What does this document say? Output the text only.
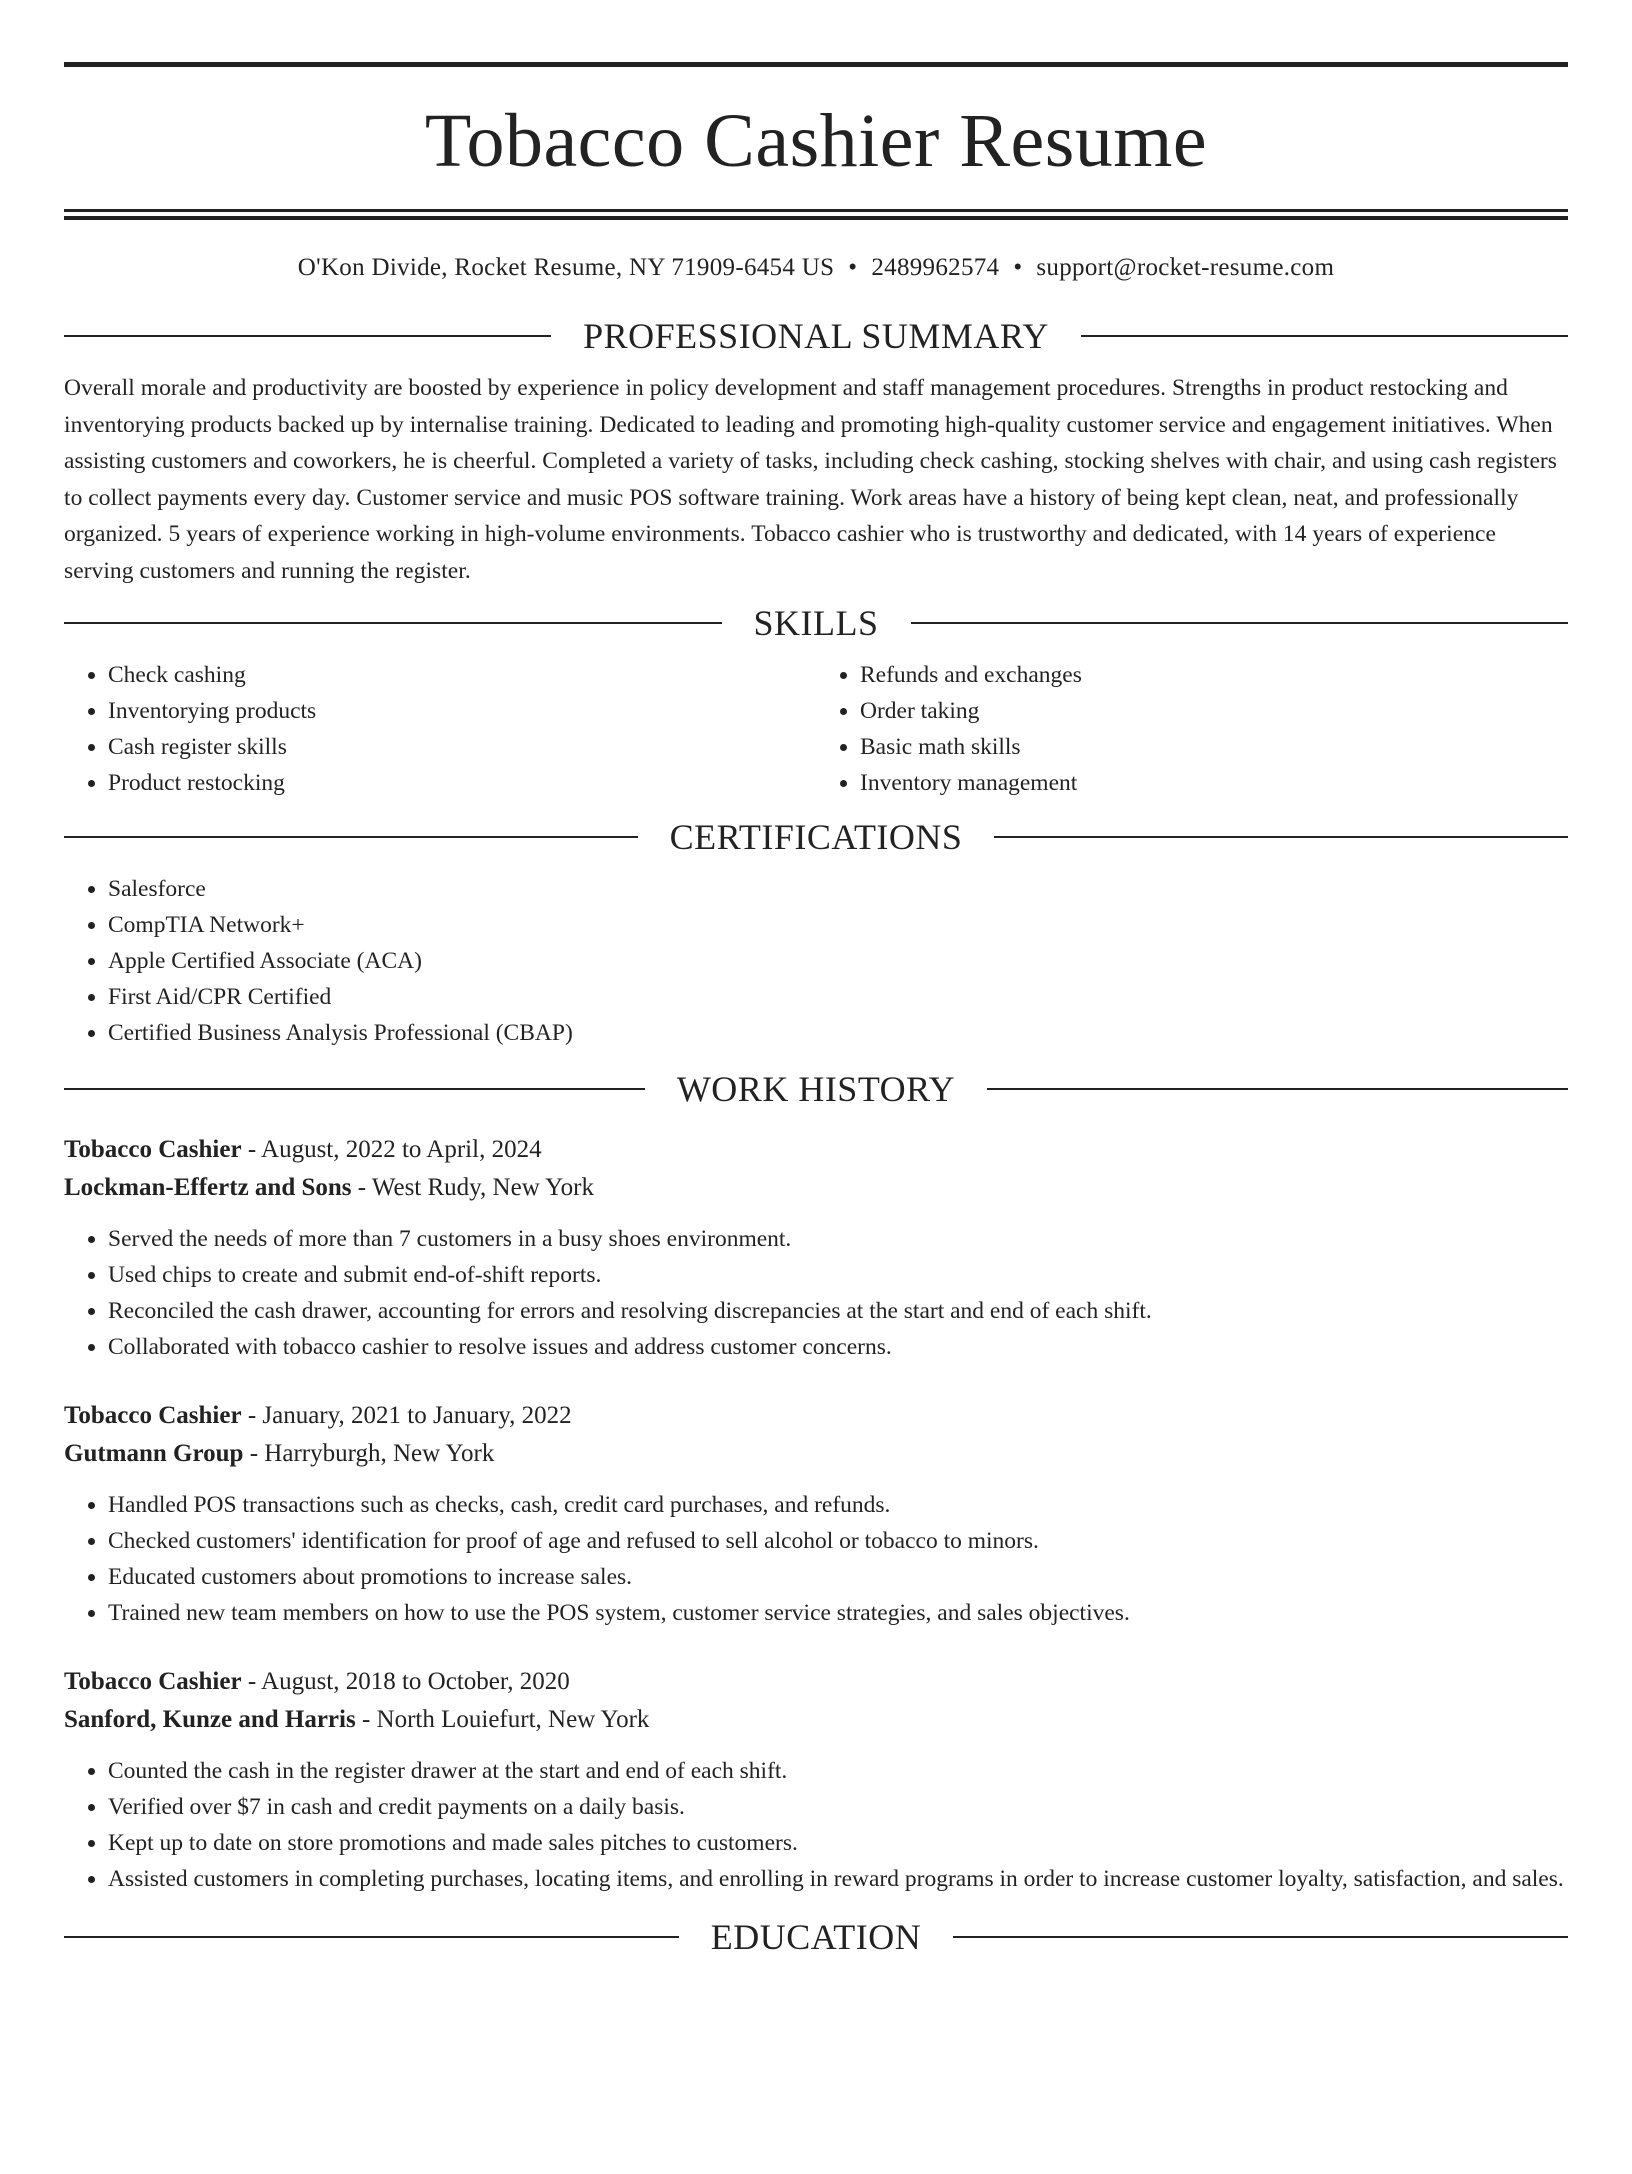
Tobacco Cashier Resume
O'Kon Divide, Rocket Resume, NY 71909-6454 US • 2489962574 • support@rocket-resume.com
PROFESSIONAL SUMMARY

Overall morale and productivity are boosted by experience in policy development and staff management procedures. Strengths in product restocking and inventorying products backed up by internalise training. Dedicated to leading and promoting high-quality customer service and engagement initiatives. When assisting customers and coworkers, he is cheerful. Completed a variety of tasks, including check cashing, stocking shelves with chair, and using cash registers to collect payments every day. Customer service and music POS software training. Work areas have a history of being kept clean, neat, and professionally organized. 5 years of experience working in high-volume environments. Tobacco cashier who is trustworthy and dedicated, with 14 years of experience serving customers and running the register.

SKILLS
• Check cashing
• Inventorying products
• Cash register skills
• Product restocking
• Refunds and exchanges
• Order taking
• Basic math skills
• Inventory management
CERTIFICATIONS
• Salesforce
• CompTIA Network+
• Apple Certified Associate (ACA)
• First Aid/CPR Certified
• Certified Business Analysis Professional (CBAP)
WORK HISTORY
Tobacco Cashier - August, 2022 to April, 2024
Lockman-Effertz and Sons - West Rudy, New York
• Served the needs of more than 7 customers in a busy shoes environment.
• Used chips to create and submit end-of-shift reports.
• Reconciled the cash drawer, accounting for errors and resolving discrepancies at the start and end of each shift.
• Collaborated with tobacco cashier to resolve issues and address customer concerns.
Tobacco Cashier - January, 2021 to January, 2022
Gutmann Group - Harryburgh, New York
• Handled POS transactions such as checks, cash, credit card purchases, and refunds.
• Checked customers' identification for proof of age and refused to sell alcohol or tobacco to minors.
• Educated customers about promotions to increase sales.
• Trained new team members on how to use the POS system, customer service strategies, and sales objectives.
Tobacco Cashier - August, 2018 to October, 2020
Sanford, Kunze and Harris - North Louiefurt, New York
• Counted the cash in the register drawer at the start and end of each shift.
• Verified over $7 in cash and credit payments on a daily basis.
• Kept up to date on store promotions and made sales pitches to customers.
• Assisted customers in completing purchases, locating items, and enrolling in reward programs in order to increase customer loyalty, satisfaction, and sales.
EDUCATION
